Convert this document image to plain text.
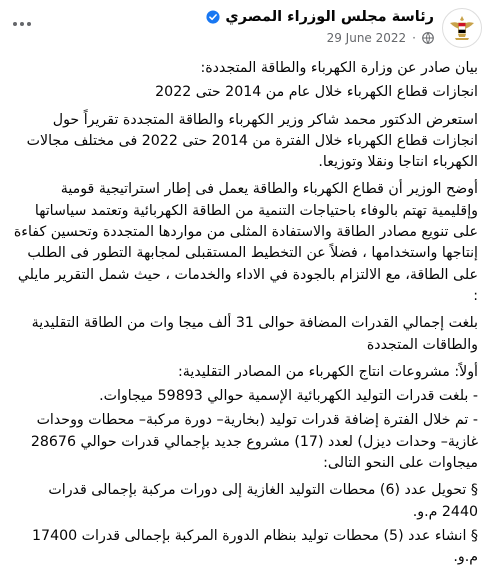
رئاسة مجلس الوزراء المصري
29 June 2022 ·

بيان صادر عن وزارة الكهرباء والطاقة المتجددة:

انجازات قطاع الكهرباء خلال عام من 2014 حتى 2022

استعرض الدكتور محمد شاكر وزير الكهرباء والطاقة المتجددة تقريراً حول انجازات قطاع الكهرباء خلال الفترة من 2014 حتى 2022 فى مختلف مجالات الكهرباء انتاجا ونقلا وتوزيعا.

أوضح الوزير أن قطاع الكهرباء والطاقة يعمل فى إطار استراتيجية قومية وإقليمية تهتم بالوفاء باحتياجات التنمية من الطاقة الكهربائية وتعتمد سياساتها على تنويع مصادر الطاقة والاستفادة المثلى من مواردها المتجددة وتحسين كفاءة إنتاجها واستخدامها ، فضلاً عن التخطيط المستقبلى لمجابهة التطور فى الطلب على الطاقة، مع الالتزام بالجودة في الاداء والخدمات ، حيث شمل التقرير مايلي :

بلغت إجمالي القدرات المضافة حوالى 31 ألف ميجا وات من الطاقة التقليدية والطاقات المتجددة

أولاً: مشروعات انتاج الكهرباء من المصادر التقليدية:

- بلغت قدرات التوليد الكهربائية الإسمية حوالي 59893 ميجاوات.

- تم خلال الفترة إضافة قدرات توليد (بخارية– دورة مركبة– محطات ووحدات غازية– وحدات ديزل) لعدد (17) مشروع جديد بإجمالي قدرات حوالي 28676 ميجاوات على النحو التالى:

§ تحويل عدد (6) محطات التوليد الغازية إلى دورات مركبة بإجمالى قدرات 2440 م.و.

§ انشاء عدد (5) محطات توليد بنظام الدورة المركبة بإجمالى قدرات 17400 م.و.
